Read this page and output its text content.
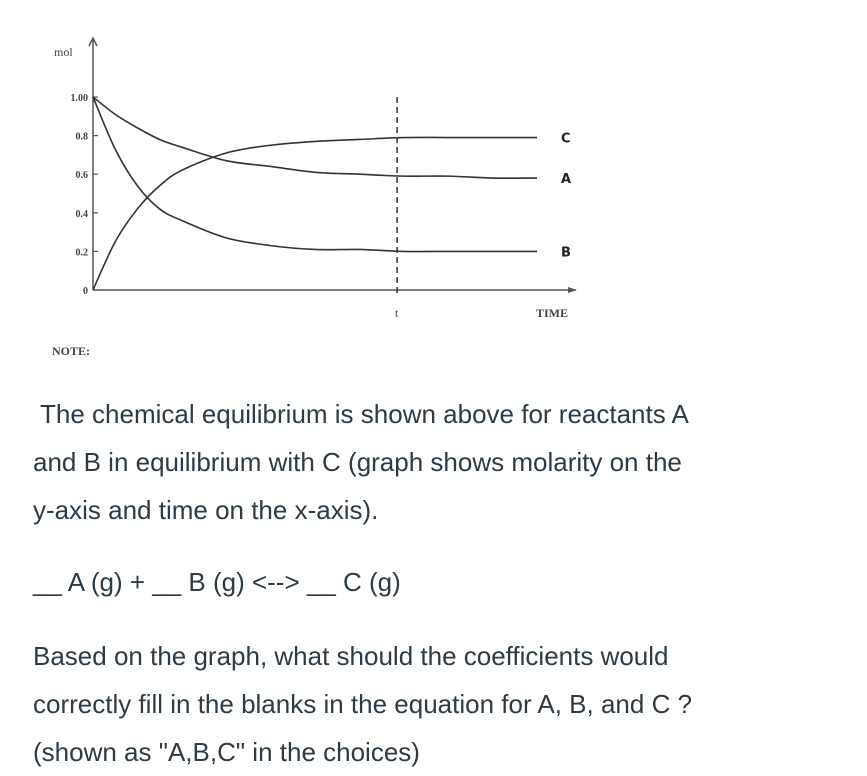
0
0.2
0.4
0.6
0.8
1.00
C
A
B
mol
TIME
t
NOTE:
The chemical equilibrium is shown above for reactants A
and B in equilibrium with C (graph shows molarity on the
y-axis and time on the x-axis).
__ A (g) + __ B (g) <--> __ C (g)
Based on the graph, what should the coefficients would
correctly fill in the blanks in the equation for A, B, and C ?
(shown as "A,B,C" in the choices)
